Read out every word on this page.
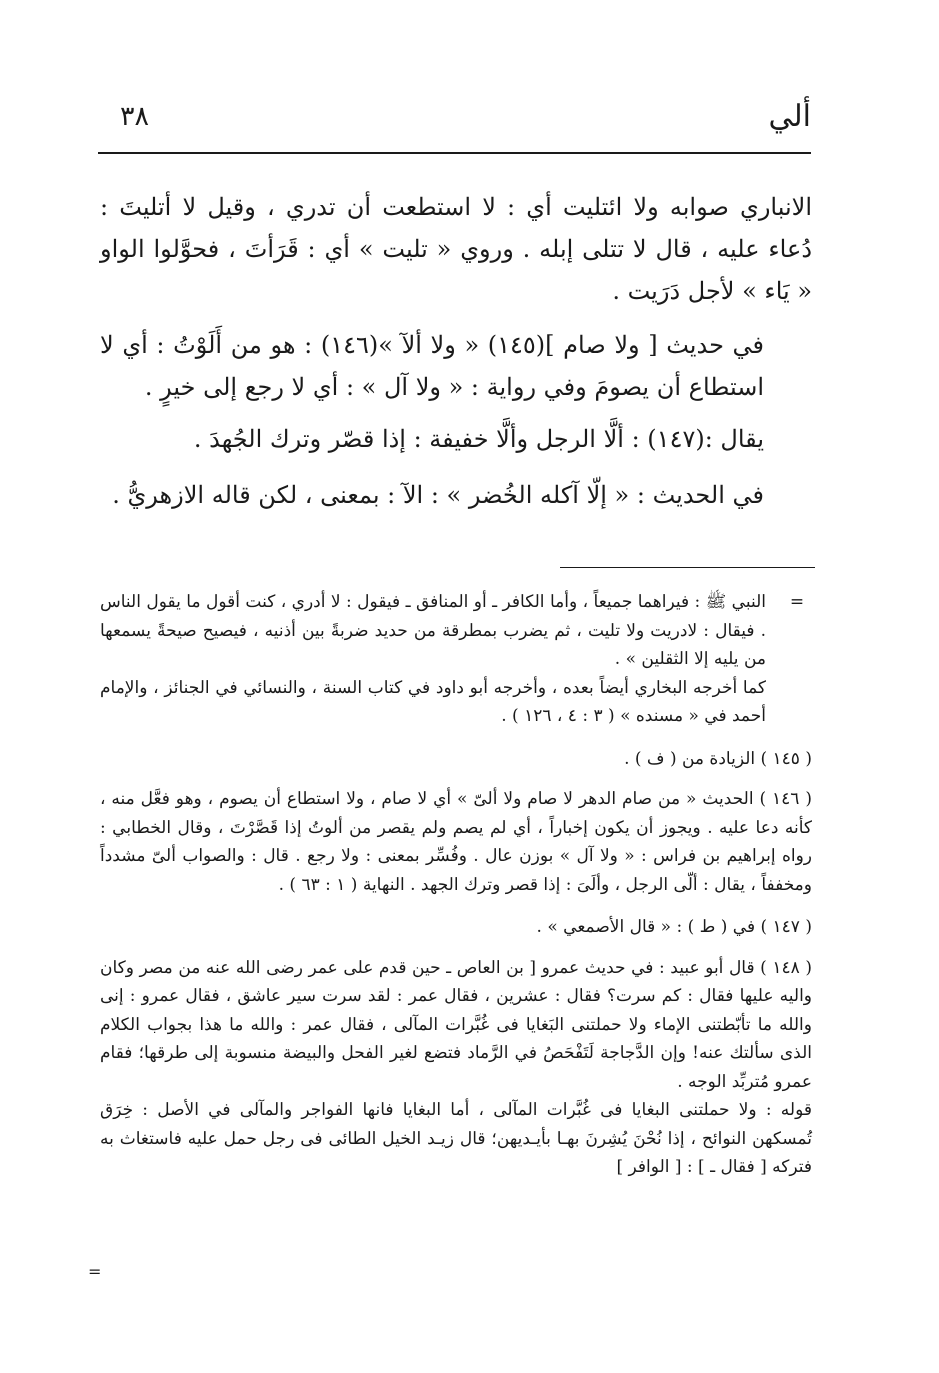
ألي
٣٨

الانباري صوابه ولا ائتليت أي : لا استطعت أن تدري ، وقيل لا أتليتَ : دُعاء عليه ، قال لا تتلى إبله . وروي « تليت » أي : قَرَأتَ ، فحوَّلوا الواو « يَاء » لأجل دَرَيت .

في حديث [ ولا صام ](١٤٥) « ولا ألآ »(١٤٦) : هو من أَلَوْتُ : أي لا استطاع أن يصومَ وفي رواية : « ولا آل » : أي لا رجع إلى خيرٍ .

يقال :(١٤٧) : ألَّا الرجل وألَّا خفيفة : إذا قصّر وترك الجُهدَ .

في الحديث : « إلّا آكله الخُضر » : الآ : بمعنى ، لكن قاله الازهريُّ .

=
النبي ﷺ : فيراهما جميعاً ، وأما الكافر ـ أو المنافق ـ فيقول : لا أدري ، كنت أقول ما يقول الناس . فيقال : لادريت ولا تليت ، ثم يضرب بمطرقة من حديد ضربةً بين أذنيه ، فيصيح صيحةً يسمعها من يليه إلا الثقلين » .
كما أخرجه البخاري أيضاً بعده ، وأخرجه أبو داود في كتاب السنة ، والنسائي في الجنائز ، والإمام أحمد في « مسنده » ( ٣ : ٤ ، ١٢٦ ) .
( ١٤٥ ) الزيادة من ( ف ) .
( ١٤٦ ) الحديث « من صام الدهر لا صام ولا ألىّ » أي لا صام ، ولا استطاع أن يصوم ، وهو فعَّل منه ، كأنه دعا عليه . ويجوز أن يكون إخباراً ، أي لم يصم ولم يقصر من ألوتُ إذا قَصَّرْتَ ، وقال الخطابي : رواه إبراهيم بن فراس : « ولا آل » بوزن عال . وفُسِّر بمعنى : ولا رجع . قال : والصواب ألىّ مشدداً ومخففاً ، يقال : ألّى الرجل ، وألَىَ : إذا قصر وترك الجهد . النهاية ( ١ : ٦٣ ) .
( ١٤٧ ) في ( ط ) : « قال الأصمعي » .
( ١٤٨ ) قال أبو عبيد : في حديث عمرو [ بن العاص ـ حين قدم على عمر رضى الله عنه من مصر وكان واليه عليها فقال : كم سرت؟ فقال : عشرين ، فقال عمر : لقد سرت سير عاشق ، فقال عمرو : إنى والله ما تأبّطتنى الإماء ولا حملتنى البَغايا فى غُبَّرات المآلى ، فقال عمر : والله ما هذا بجواب الكلام الذى سألتك عنه! وإن الدَّجاجة لَتَفْحَصُ في الرَّماد فتضع لغير الفحل والبيضة منسوبة إلى طرقها؛ فقام عمرو مُتربِّد الوجه .
قوله : ولا حملتنى البغايا فى غُبَّرات المآلى ، أما البغايا فانها الفواجر والمآلى في الأصل : خِرَق تُمسكهن النوائح ، إذا نُحْنَ يُشِرنَ بهـا بأيـديهن؛ قال زيـد الخيل الطائى فى رجل حمل عليه فاستغاث به فتركه [ فقال ـ ] : [ الوافر ]
=
